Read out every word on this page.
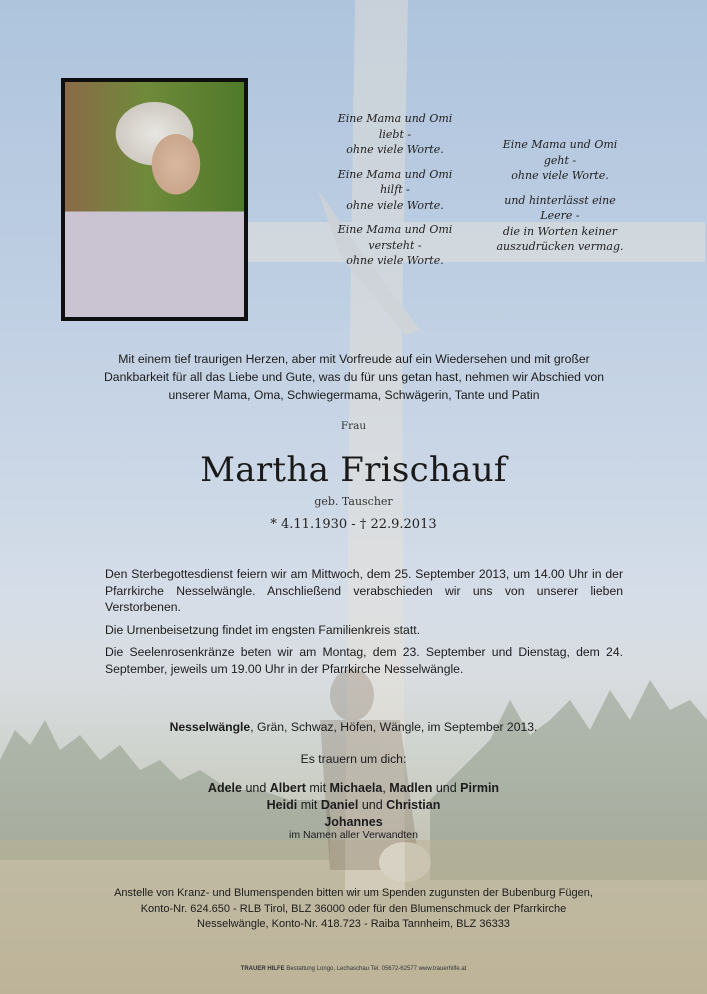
Eine Mama und Omi
liebt -
ohne viele Worte.

Eine Mama und Omi
hilft -
ohne viele Worte.

Eine Mama und Omi
versteht -
ohne viele Worte.

Eine Mama und Omi
geht -
ohne viele Worte.

und hinterlässt eine
Leere -
die in Worten keiner
auszudrücken vermag.

Mit einem tief traurigen Herzen, aber mit Vorfreude auf ein Wiedersehen und mit großer Dankbarkeit für all das Liebe und Gute, was du für uns getan hast, nehmen wir Abschied von unserer Mama, Oma, Schwiegermama, Schwägerin, Tante und Patin
Frau
Martha Frischauf
geb. Tauscher
* 4.11.1930 - † 22.9.2013

Den Sterbegottesdienst feiern wir am Mittwoch, dem 25. September 2013, um 14.00 Uhr in der Pfarrkirche Nesselwängle. Anschließend verabschieden wir uns von unserer lieben Verstorbenen.

Die Urnenbeisetzung findet im engsten Familienkreis statt.

Die Seelenrosenkränze beten wir am Montag, dem 23. September und Dienstag, dem 24. September, jeweils um 19.00 Uhr in der Pfarrkirche Nesselwängle.

Nesselwängle, Grän, Schwaz, Höfen, Wängle, im September 2013.
Es trauern um dich:
Adele und Albert mit Michaela, Madlen und Pirmin
Heidi mit Daniel und Christian
Johannes
im Namen aller Verwandten
Anstelle von Kranz- und Blumenspenden bitten wir um Spenden zugunsten der Bubenburg Fügen,
Konto-Nr. 624.650 - RLB Tirol, BLZ 36000 oder für den Blumenschmuck der Pfarrkirche
Nesselwängle, Konto-Nr. 418.723 - Raiba Tannheim, BLZ 36333
TRAUER HILFE Bestattung Longo, Lechaschau Tel. 05672-62577 www.trauerhilfe.at
